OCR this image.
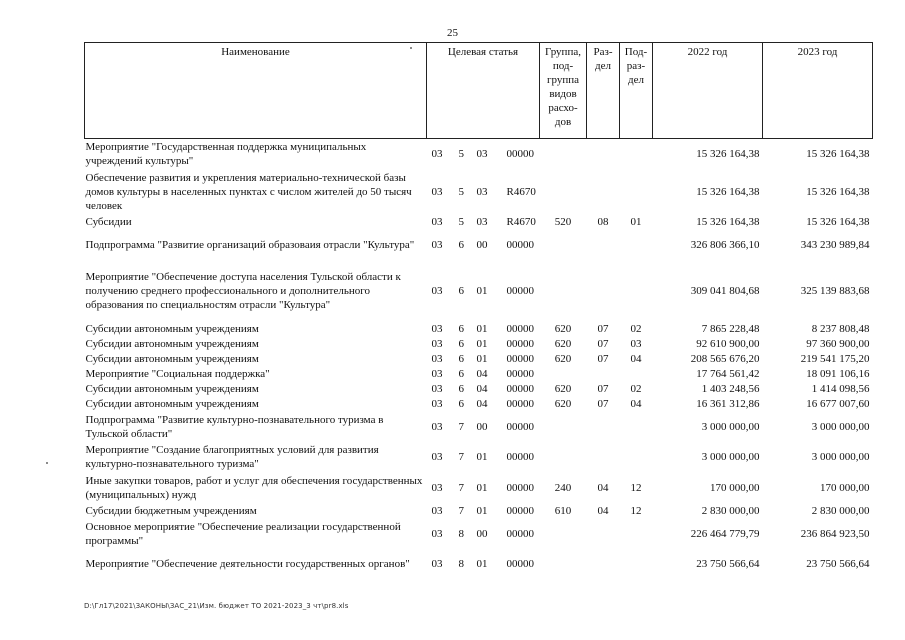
25
Наименование	Целевая статья				Группа, под-группа видов расхо-дов	Раз-дел	Под-раз-дел	2022 год	2023 год
Мероприятие "Государственная поддержка муниципальных учреждений культуры"	03	5	03	00000				15 326 164,38	15 326 164,38
Обеспечение развития и укрепления материально-технической базы домов культуры в населенных пунктах с числом жителей до 50 тысяч человек	03	5	03	R4670				15 326 164,38	15 326 164,38
Субсидии	03	5	03	R4670	520	08	01	15 326 164,38	15 326 164,38
Подпрограмма "Развитие организаций образоваия отрасли "Культура"	03	6	00	00000				326 806 366,10	343 230 989,84
Мероприятие "Обеспечение доступа населения Тульской области к получению среднего профессионального и дополнительного образования по специальностям отрасли "Культура"	03	6	01	00000				309 041 804,68	325 139 883,68
Субсидии автономным учреждениям	03	6	01	00000	620	07	02	7 865 228,48	8 237 808,48
Субсидии автономным учреждениям	03	6	01	00000	620	07	03	92 610 900,00	97 360 900,00
Субсидии автономным учреждениям	03	6	01	00000	620	07	04	208 565 676,20	219 541 175,20
Мероприятие "Социальная поддержка"	03	6	04	00000				17 764 561,42	18 091 106,16
Субсидии автономным учреждениям	03	6	04	00000	620	07	02	1 403 248,56	1 414 098,56
Субсидии автономным учреждениям	03	6	04	00000	620	07	04	16 361 312,86	16 677 007,60
Подпрограмма "Развитие культурно-познавательного туризма в Тульской области"	03	7	00	00000				3 000 000,00	3 000 000,00
Мероприятие "Создание благоприятных условий для развития культурно-познавательного туризма"	03	7	01	00000				3 000 000,00	3 000 000,00
Иные закупки товаров, работ и услуг для обеспечения государственных (муниципальных) нужд	03	7	01	00000	240	04	12	170 000,00	170 000,00
Субсидии бюджетным учреждениям	03	7	01	00000	610	04	12	2 830 000,00	2 830 000,00
Основное мероприятие "Обеспечение реализации государственной программы"	03	8	00	00000				226 464 779,79	236 864 923,50
Мероприятие "Обеспечение деятельности государственных органов"	03	8	01	00000				23 750 566,64	23 750 566,64
D:\Гл17\2021\ЗАКОНЫ\ЗАС_21\Изм. бюджет ТО 2021-2023_3 чт\pr8.xls
